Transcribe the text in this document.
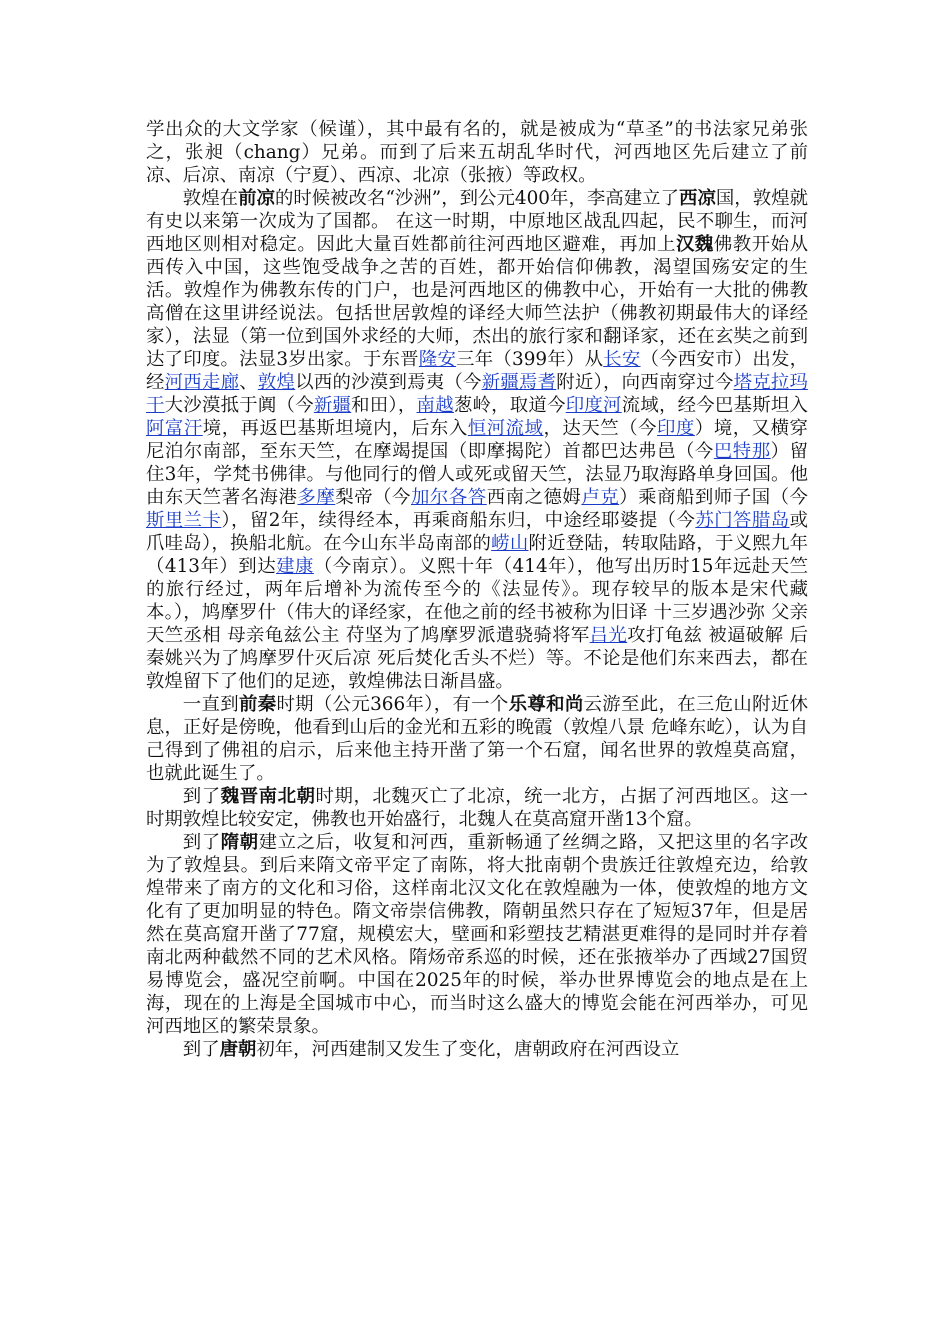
学出众的大文学家（候谨），其中最有名的，就是被成为“草圣”的书法家兄弟张之，张昶（chang）兄弟。而到了后来五胡乱华时代，河西地区先后建立了前凉、后凉、南凉（宁夏）、西凉、北凉（张掖）等政权。

敦煌在前凉的时候被改名“沙洲”，到公元400年，李高建立了西凉国，敦煌就有史以来第一次成为了国都。 在这一时期，中原地区战乱四起，民不聊生，而河西地区则相对稳定。因此大量百姓都前往河西地区避难，再加上汉魏佛教开始从西传入中国，这些饱受战争之苦的百姓，都开始信仰佛教，渴望国殇安定的生活。敦煌作为佛教东传的门户，也是河西地区的佛教中心，开始有一大批的佛教高僧在这里讲经说法。包括世居敦煌的译经大师竺法护（佛教初期最伟大的译经家），法显（第一位到国外求经的大师，杰出的旅行家和翻译家，还在玄奘之前到达了印度。法显3岁出家。于东晋隆安三年（399年）从长安（今西安市）出发，经河西走廊、敦煌以西的沙漠到焉夷（今新疆焉耆附近），向西南穿过今塔克拉玛干大沙漠抵于阗（今新疆和田），南越葱岭，取道今印度河流域，经今巴基斯坦入阿富汗境，再返巴基斯坦境内，后东入恒河流域，达天竺（今印度）境，又横穿尼泊尔南部，至东天竺，在摩竭提国（即摩揭陀）首都巴达弗邑（今巴特那）留住3年，学梵书佛律。与他同行的僧人或死或留天竺，法显乃取海路单身回国。他由东天竺著名海港多摩梨帝（今加尔各答西南之德姆卢克）乘商船到师子国（今斯里兰卡），留2年，续得经本，再乘商船东归，中途经耶婆提（今苏门答腊岛或爪哇岛），换船北航。在今山东半岛南部的崂山附近登陆，转取陆路，于义熙九年（413年）到达建康（今南京）。义熙十年（414年），他写出历时15年远赴天竺的旅行经过，两年后增补为流传至今的《法显传》。现存较早的版本是宋代藏本。），鸠摩罗什（伟大的译经家，在他之前的经书被称为旧译 十三岁遇沙弥 父亲天竺丞相 母亲龟兹公主 苻坚为了鸠摩罗派遣骁骑将军吕光攻打龟兹 被逼破解 后秦姚兴为了鸠摩罗什灭后凉 死后焚化舌头不烂）等。不论是他们东来西去，都在敦煌留下了他们的足迹，敦煌佛法日渐昌盛。

一直到前秦时期（公元366年），有一个乐尊和尚云游至此，在三危山附近休息，正好是傍晚，他看到山后的金光和五彩的晚霞（敦煌八景 危峰东屹），认为自己得到了佛祖的启示，后来他主持开凿了第一个石窟，闻名世界的敦煌莫高窟，也就此诞生了。

到了魏晋南北朝时期，北魏灭亡了北凉，统一北方，占据了河西地区。这一时期敦煌比较安定，佛教也开始盛行，北魏人在莫高窟开凿13个窟。

到了隋朝建立之后，收复和河西，重新畅通了丝绸之路，又把这里的名字改为了敦煌县。到后来隋文帝平定了南陈，将大批南朝个贵族迁往敦煌充边，给敦煌带来了南方的文化和习俗，这样南北汉文化在敦煌融为一体，使敦煌的地方文化有了更加明显的特色。隋文帝崇信佛教，隋朝虽然只存在了短短37年，但是居然在莫高窟开凿了77窟，规模宏大，壁画和彩塑技艺精湛更难得的是同时并存着南北两种截然不同的艺术风格。隋炀帝系巡的时候，还在张掖举办了西域27国贸易博览会，盛况空前啊。中国在2025年的时候，举办世界博览会的地点是在上海，现在的上海是全国城市中心，而当时这么盛大的博览会能在河西举办，可见河西地区的繁荣景象。

到了唐朝初年，河西建制又发生了变化，唐朝政府在河西设立
